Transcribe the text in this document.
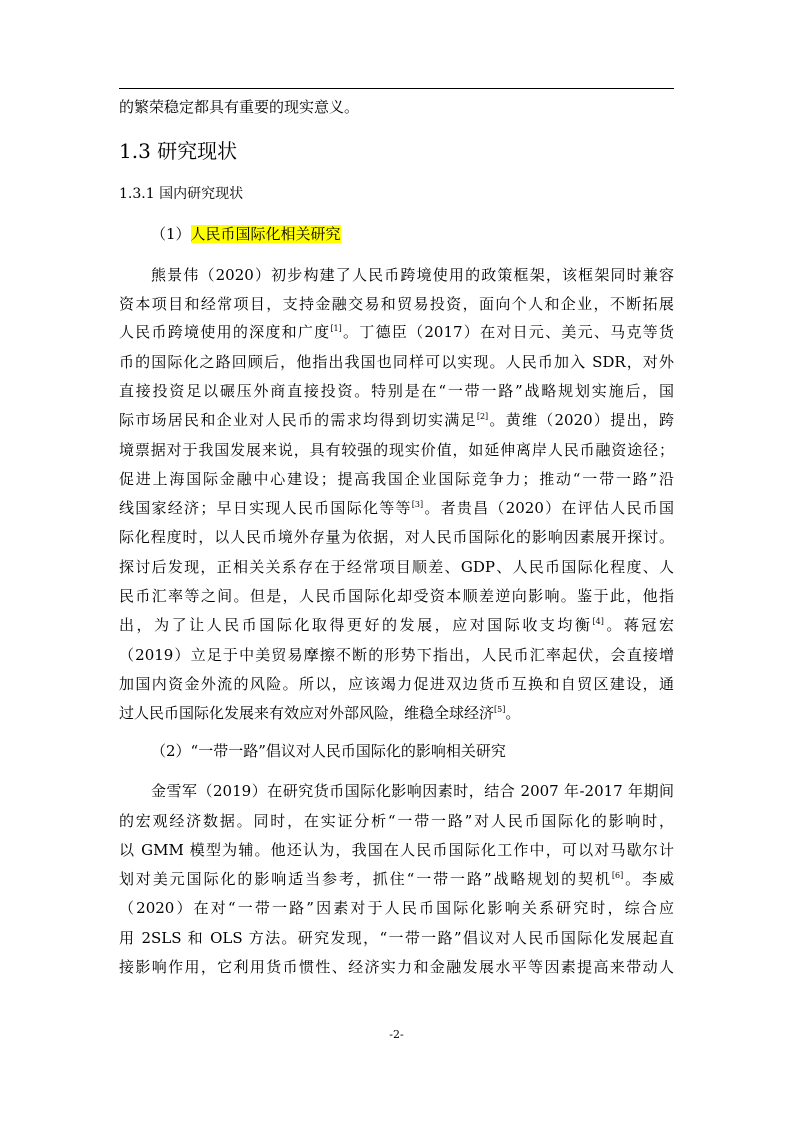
的繁荣稳定都具有重要的现实意义。
1.3 研究现状
1.3.1 国内研究现状
（1）人民币国际化相关研究
熊景伟（2020）初步构建了人民币跨境使用的政策框架，该框架同时兼容
资本项目和经常项目，支持金融交易和贸易投资，面向个人和企业，不断拓展
人民币跨境使用的深度和广度[1]。丁德臣（2017）在对日元、美元、马克等货
币的国际化之路回顾后，他指出我国也同样可以实现。人民币加入 SDR，对外
直接投资足以碾压外商直接投资。特别是在“一带一路”战略规划实施后，国
际市场居民和企业对人民币的需求均得到切实满足[2]。黄维（2020）提出，跨
境票据对于我国发展来说，具有较强的现实价值，如延伸离岸人民币融资途径；
促进上海国际金融中心建设；提高我国企业国际竞争力；推动“一带一路”沿
线国家经济；早日实现人民币国际化等等[3]。者贵昌（2020）在评估人民币国
际化程度时，以人民币境外存量为依据，对人民币国际化的影响因素展开探讨。
探讨后发现，正相关关系存在于经常项目顺差、GDP、人民币国际化程度、人
民币汇率等之间。但是，人民币国际化却受资本顺差逆向影响。鉴于此，他指
出，为了让人民币国际化取得更好的发展，应对国际收支均衡[4]。蒋冠宏
（2019）立足于中美贸易摩擦不断的形势下指出，人民币汇率起伏，会直接增
加国内资金外流的风险。所以，应该竭力促进双边货币互换和自贸区建设，通
过人民币国际化发展来有效应对外部风险，维稳全球经济[5]。
（2）“一带一路”倡议对人民币国际化的影响相关研究
金雪军（2019）在研究货币国际化影响因素时，结合 2007 年-2017 年期间
的宏观经济数据。同时，在实证分析“一带一路”对人民币国际化的影响时，
以 GMM 模型为辅。他还认为，我国在人民币国际化工作中，可以对马歇尔计
划对美元国际化的影响适当参考，抓住“一带一路”战略规划的契机[6]。李威
（2020）在对“一带一路”因素对于人民币国际化影响关系研究时，综合应
用 2SLS 和 OLS 方法。研究发现，“一带一路”倡议对人民币国际化发展起直
接影响作用，它利用货币惯性、经济实力和金融发展水平等因素提高来带动人
-2-
